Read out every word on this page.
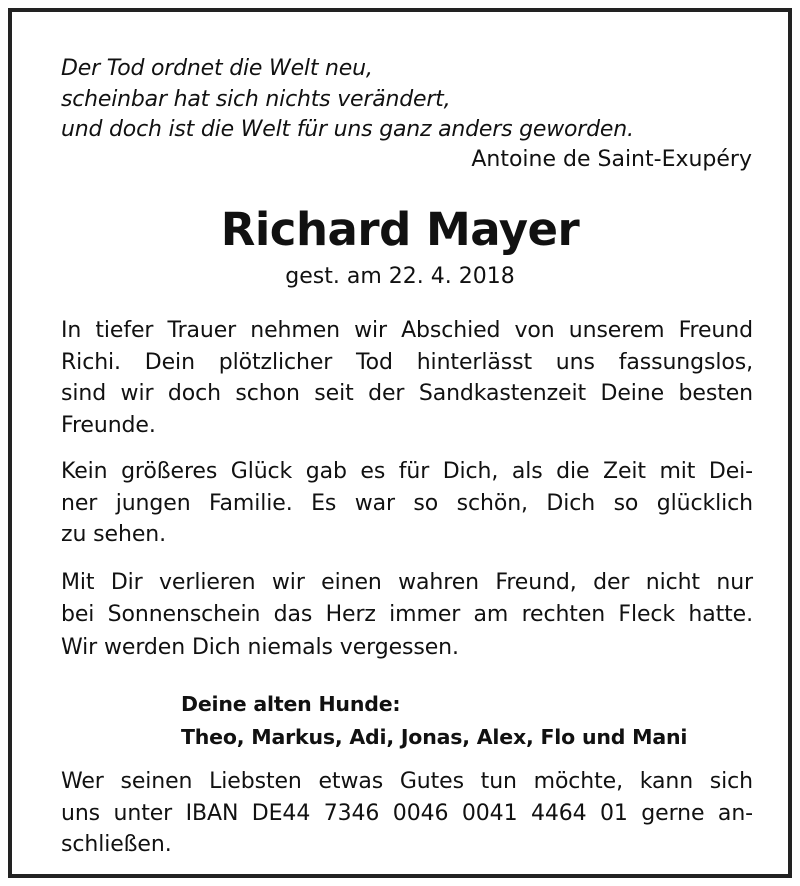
Der Tod ordnet die Welt neu,
scheinbar hat sich nichts verändert,
und doch ist die Welt für uns ganz anders geworden.
Antoine de Saint-Exupéry
Richard Mayer
gest. am 22. 4. 2018
In tiefer Trauer nehmen wir Abschied von unserem Freund
Richi. Dein plötzlicher Tod hinterlässt uns fassungslos,
sind wir doch schon seit der Sandkastenzeit Deine besten
Freunde.
Kein größeres Glück gab es für Dich, als die Zeit mit Dei-
ner jungen Familie. Es war so schön, Dich so glücklich
zu sehen.
Mit Dir verlieren wir einen wahren Freund, der nicht nur
bei Sonnenschein das Herz immer am rechten Fleck hatte.
Wir werden Dich niemals vergessen.
Deine alten Hunde:
Theo, Markus, Adi, Jonas, Alex, Flo und Mani
Wer seinen Liebsten etwas Gutes tun möchte, kann sich
uns unter IBAN DE44 7346 0046 0041 4464 01 gerne an-
schließen.
